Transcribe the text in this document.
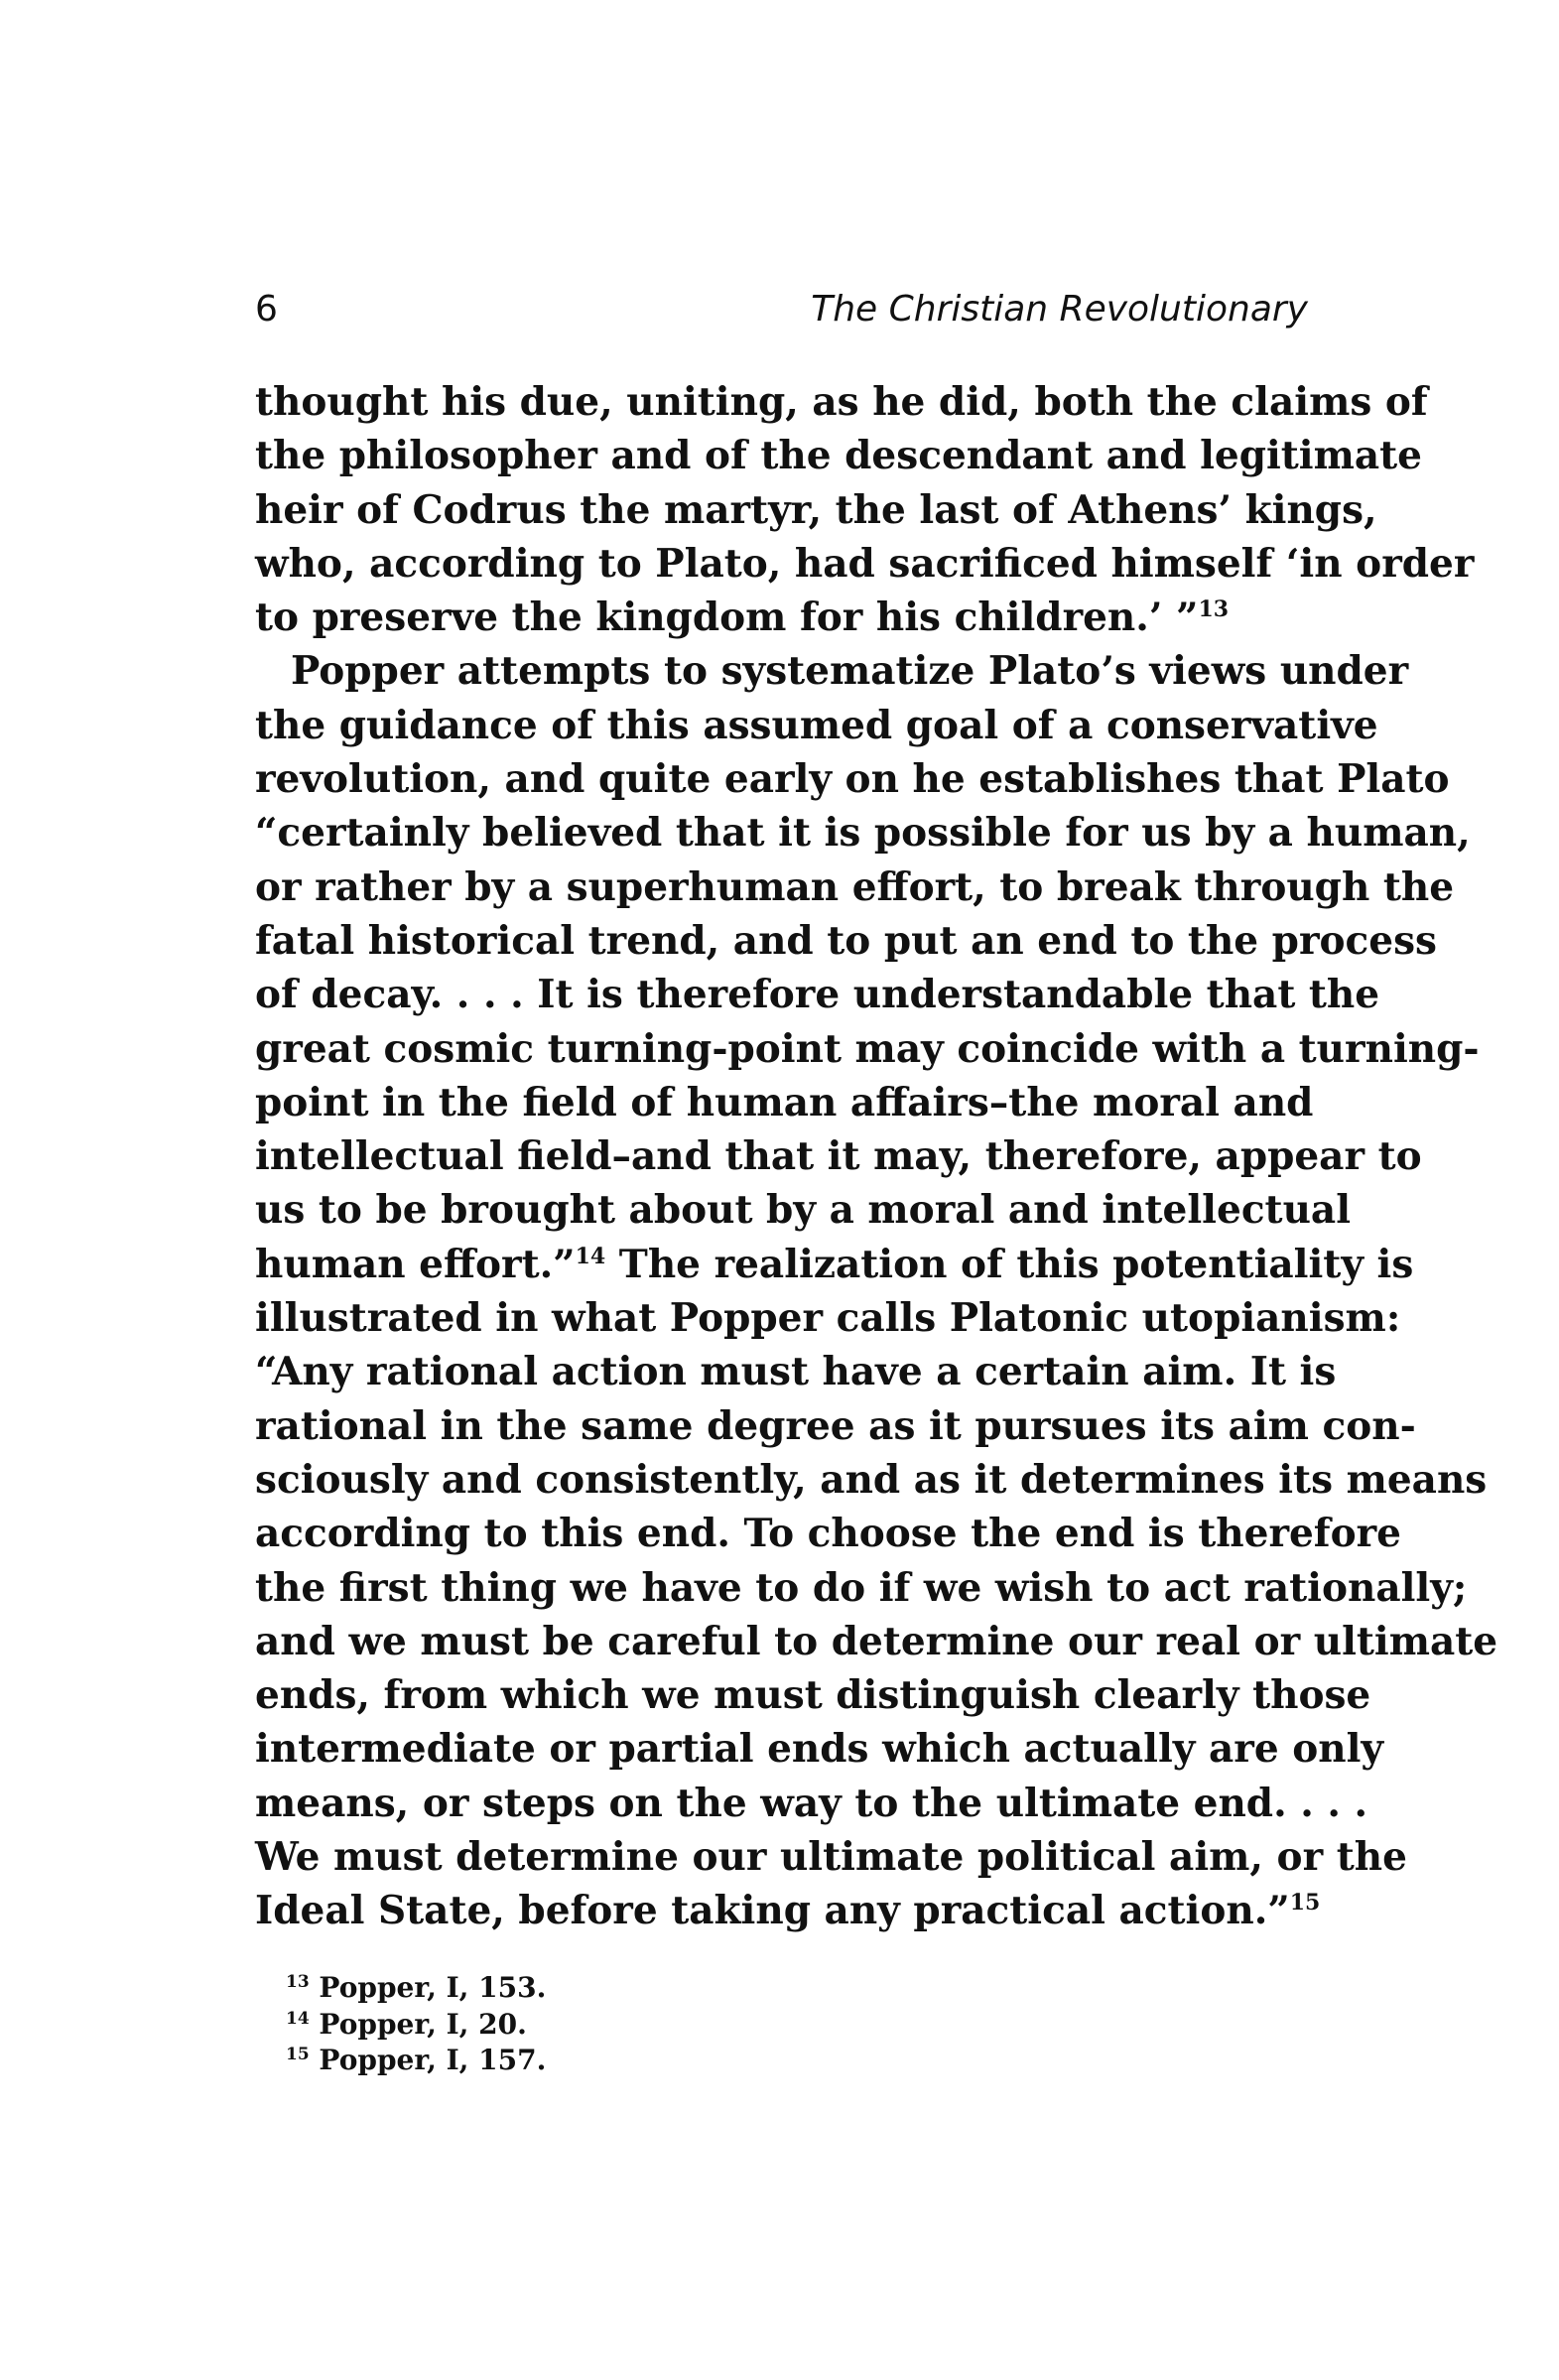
6	The Christian Revolutionary
thought his due, uniting, as he did, both the claims of
the philosopher and of the descendant and legitimate
heir of Codrus the martyr, the last of Athens’ kings,
who, according to Plato, had sacrificed himself ‘in order
to preserve the kingdom for his children.’ ”$^{13}$
Popper attempts to systematize Plato’s views under
the guidance of this assumed goal of a conservative
revolution, and quite early on he establishes that Plato
“certainly believed that it is possible for us by a human,
or rather by a superhuman effort, to break through the
fatal historical trend, and to put an end to the process
of decay. . . . It is therefore understandable that the
great cosmic turning-point may coincide with a turning-
point in the field of human affairs–the moral and
intellectual field–and that it may, therefore, appear to
us to be brought about by a moral and intellectual
human effort.”$^{14}$ The realization of this potentiality is
illustrated in what Popper calls Platonic utopianism:
“Any rational action must have a certain aim. It is
rational in the same degree as it pursues its aim con-
sciously and consistently, and as it determines its means
according to this end. To choose the end is therefore
the first thing we have to do if we wish to act rationally;
and we must be careful to determine our real or ultimate
ends, from which we must distinguish clearly those
intermediate or partial ends which actually are only
means, or steps on the way to the ultimate end. . . .
We must determine our ultimate political aim, or the
Ideal State, before taking any practical action.”$^{15}$
$^{13}$ Popper, I, 153.
$^{14}$ Popper, I, 20.
$^{15}$ Popper, I, 157.
